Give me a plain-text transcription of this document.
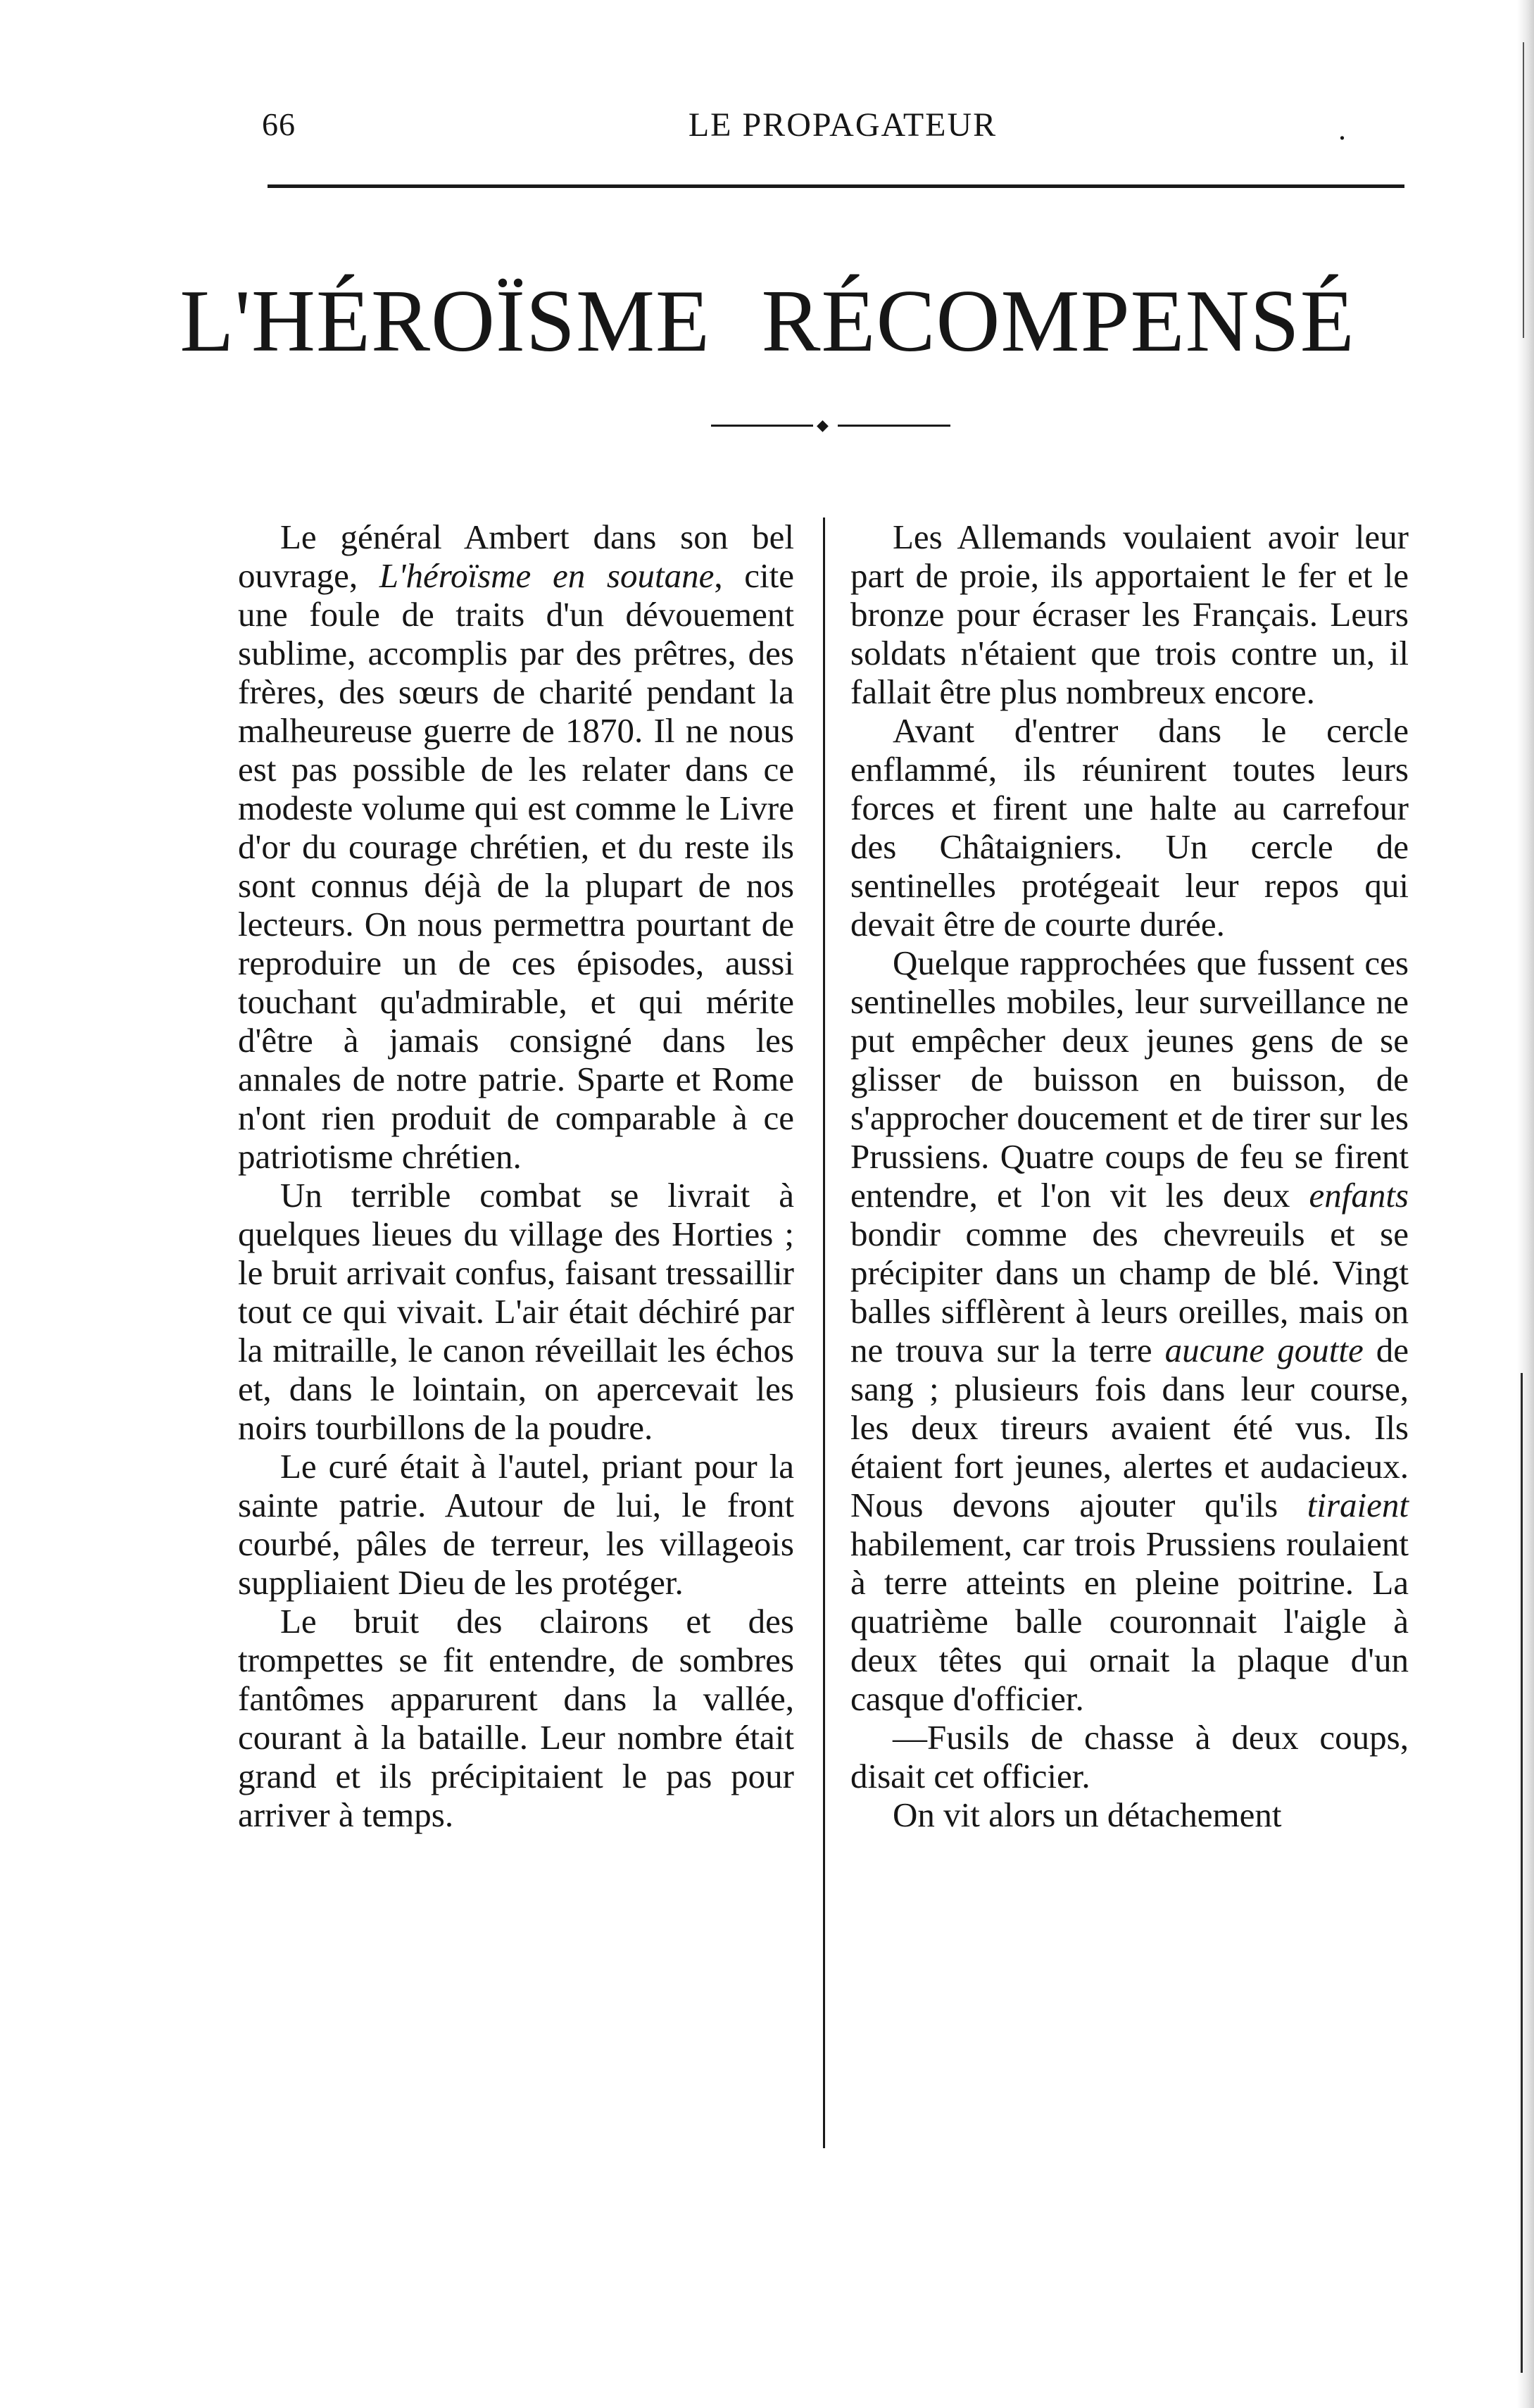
66	LE PROPAGATEUR	.
L'HÉROÏSME RÉCOMPENSÉ
◆

Le général Ambert dans son bel ouvrage, L'héroïsme en soutane, cite une foule de traits d'un dévouement sublime, accomplis par des prêtres, des frères, des sœurs de charité pendant la malheureuse guerre de 1870. Il ne nous est pas possible de les relater dans ce modeste volume qui est comme le Livre d'or du courage chrétien, et du reste ils sont connus déjà de la plupart de nos lecteurs. On nous permettra pourtant de reproduire un de ces épisodes, aussi touchant qu'admirable, et qui mérite d'être à jamais consigné dans les annales de notre patrie. Sparte et Rome n'ont rien produit de comparable à ce patriotisme chrétien.

Un terrible combat se livrait à quelques lieues du village des Horties ; le bruit arrivait confus, faisant tressaillir tout ce qui vivait. L'air était déchiré par la mitraille, le canon réveillait les échos et, dans le lointain, on apercevait les noirs tourbillons de la poudre.

Le curé était à l'autel, priant pour la sainte patrie. Autour de lui, le front courbé, pâles de terreur, les villageois suppliaient Dieu de les protéger.

Le bruit des clairons et des trompettes se fit entendre, de sombres fantômes apparurent dans la vallée, courant à la bataille. Leur nombre était grand et ils précipitaient le pas pour arriver à temps.

Les Allemands voulaient avoir leur part de proie, ils apportaient le fer et le bronze pour écraser les Français. Leurs soldats n'étaient que trois contre un, il fallait être plus nombreux encore.

Avant d'entrer dans le cercle enflammé, ils réunirent toutes leurs forces et firent une halte au carrefour des Châtaigniers. Un cercle de sentinelles protégeait leur repos qui devait être de courte durée.

Quelque rapprochées que fussent ces sentinelles mobiles, leur surveillance ne put empêcher deux jeunes gens de se glisser de buisson en buisson, de s'approcher doucement et de tirer sur les Prussiens. Quatre coups de feu se firent entendre, et l'on vit les deux enfants bondir comme des chevreuils et se précipiter dans un champ de blé. Vingt balles sifflèrent à leurs oreilles, mais on ne trouva sur la terre aucune goutte de sang ; plusieurs fois dans leur course, les deux tireurs avaient été vus. Ils étaient fort jeunes, alertes et audacieux. Nous devons ajouter qu'ils tiraient habilement, car trois Prussiens roulaient à terre atteints en pleine poitrine. La quatrième balle couronnait l'aigle à deux têtes qui ornait la plaque d'un casque d'officier.

—Fusils de chasse à deux coups, disait cet officier.

On vit alors un détachement
